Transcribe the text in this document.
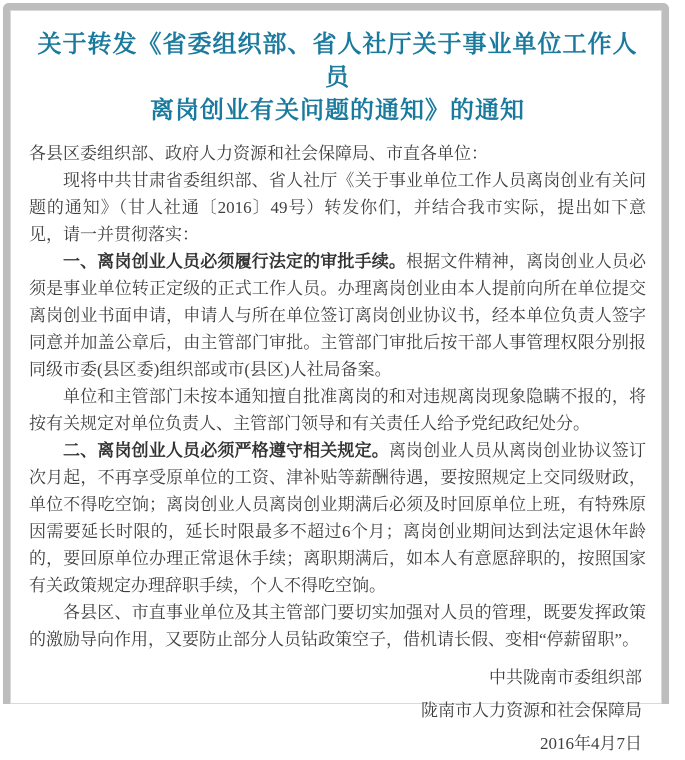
关于转发《省委组织部、省人社厅关于事业单位工作人员
离岗创业有关问题的通知》的通知

各县区委组织部、政府人力资源和社会保障局、市直各单位：

现将中共甘肃省委组织部、省人社厅《关于事业单位工作人员离岗创业有关问题的通知》（甘人社通〔2016〕49号）转发你们，并结合我市实际，提出如下意见，请一并贯彻落实：

一、离岗创业人员必须履行法定的审批手续。根据文件精神，离岗创业人员必须是事业单位转正定级的正式工作人员。办理离岗创业由本人提前向所在单位提交离岗创业书面申请，申请人与所在单位签订离岗创业协议书，经本单位负责人签字同意并加盖公章后，由主管部门审批。主管部门审批后按干部人事管理权限分别报同级市委(县区委)组织部或市(县区)人社局备案。

单位和主管部门未按本通知擅自批准离岗的和对违规离岗现象隐瞒不报的，将按有关规定对单位负责人、主管部门领导和有关责任人给予党纪政纪处分。

二、离岗创业人员必须严格遵守相关规定。离岗创业人员从离岗创业协议签订次月起，不再享受原单位的工资、津补贴等薪酬待遇，要按照规定上交同级财政，单位不得吃空饷；离岗创业人员离岗创业期满后必须及时回原单位上班，有特殊原因需要延长时限的，延长时限最多不超过6个月；离岗创业期间达到法定退休年龄的，要回原单位办理正常退休手续；离职期满后，如本人有意愿辞职的，按照国家有关政策规定办理辞职手续，个人不得吃空饷。

各县区、市直事业单位及其主管部门要切实加强对人员的管理，既要发挥政策的激励导向作用，又要防止部分人员钻政策空子，借机请长假、变相“停薪留职”。

中共陇南市委组织部

陇南市人力资源和社会保障局

2016年4月7日
